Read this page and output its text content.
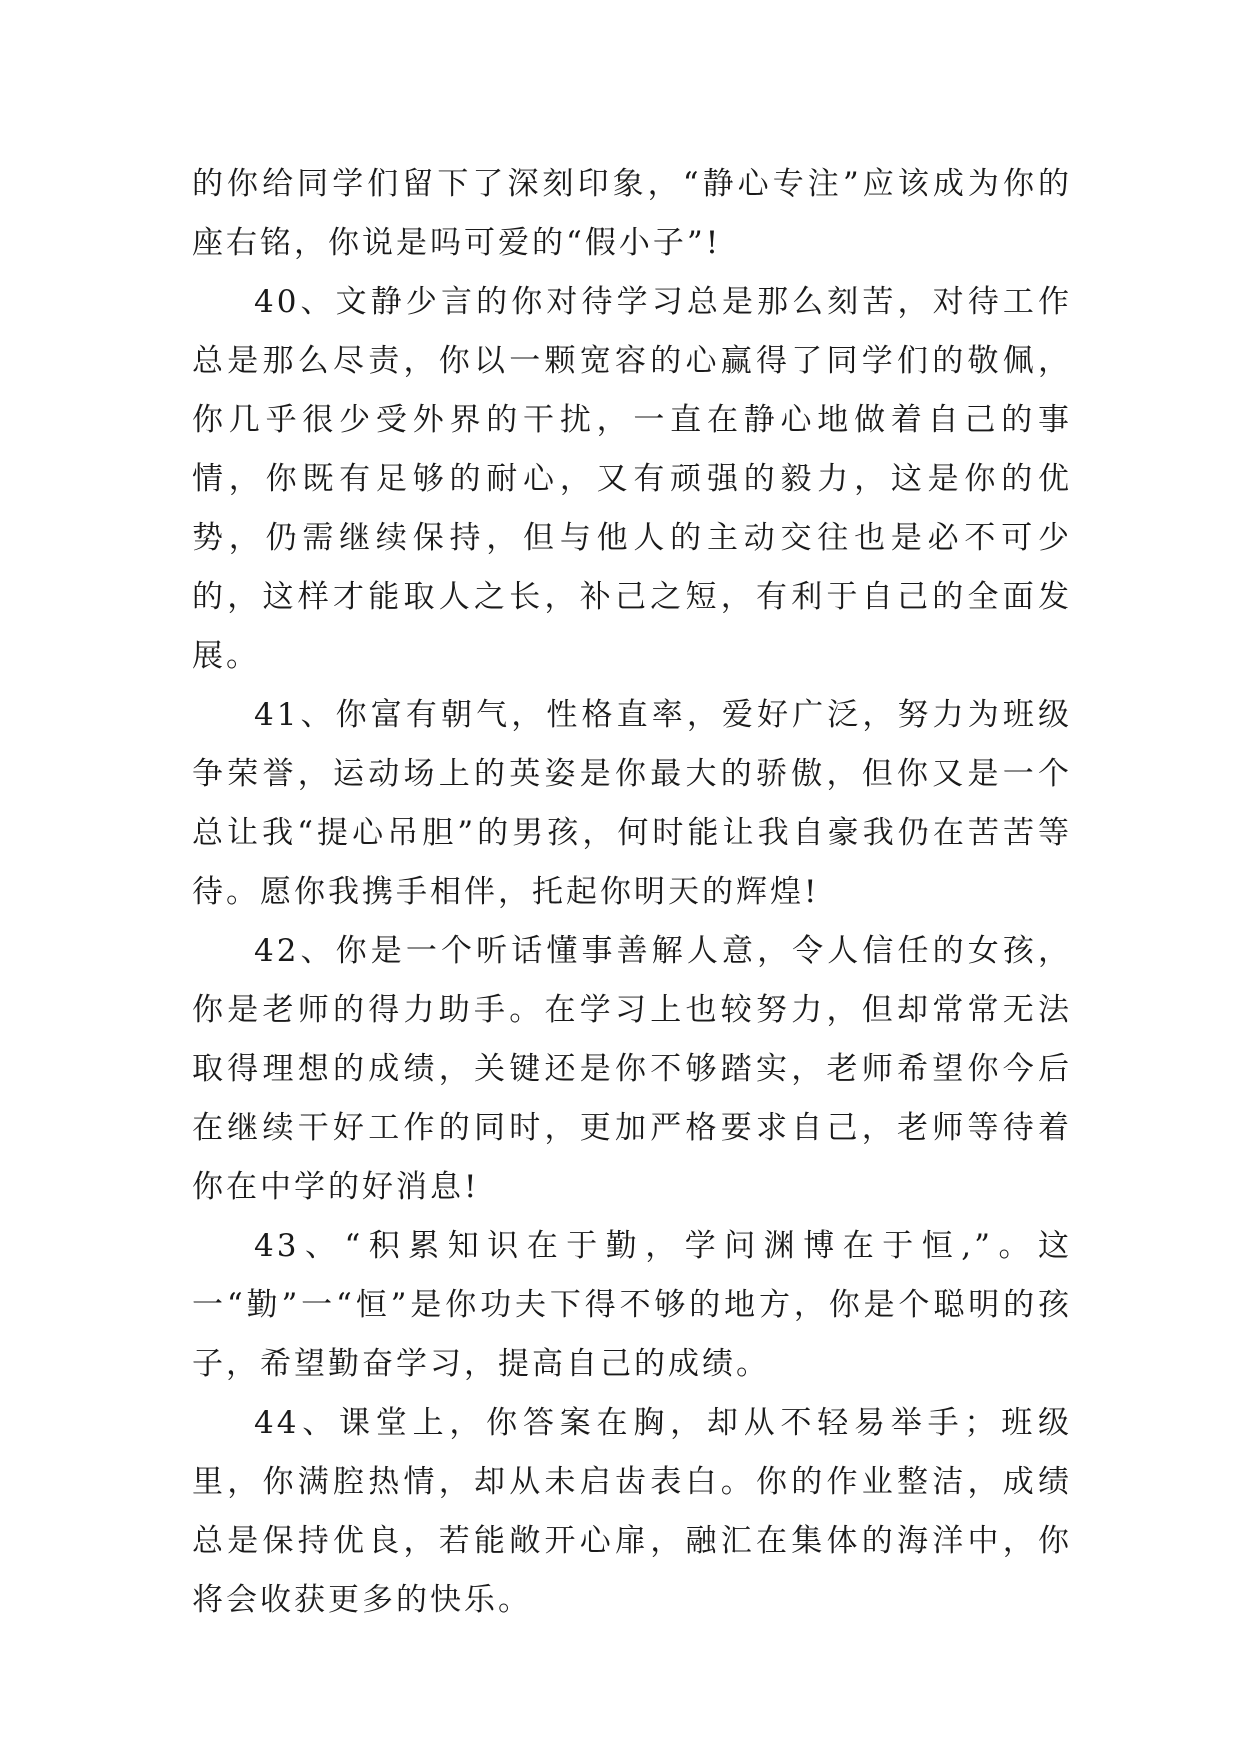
的你给同学们留下了深刻印象，“静心专注”应该成为你的座右铭，你说是吗可爱的“假小子”!

40、文静少言的你对待学习总是那么刻苦，对待工作总是那么尽责，你以一颗宽容的心赢得了同学们的敬佩，你几乎很少受外界的干扰，一直在静心地做着自己的事情，你既有足够的耐心，又有顽强的毅力，这是你的优势，仍需继续保持，但与他人的主动交往也是必不可少的，这样才能取人之长，补己之短，有利于自己的全面发展。

41、你富有朝气，性格直率，爱好广泛，努力为班级争荣誉，运动场上的英姿是你最大的骄傲，但你又是一个总让我“提心吊胆”的男孩，何时能让我自豪我仍在苦苦等待。愿你我携手相伴，托起你明天的辉煌!

42、你是一个听话懂事善解人意，令人信任的女孩，你是老师的得力助手。在学习上也较努力，但却常常无法取得理想的成绩，关键还是你不够踏实，老师希望你今后在继续干好工作的同时，更加严格要求自己，老师等待着你在中学的好消息!

43、“积累知识在于勤，学问渊博在于恒,”。这一“勤”一“恒”是你功夫下得不够的地方，你是个聪明的孩子，希望勤奋学习，提高自己的成绩。

44、课堂上，你答案在胸，却从不轻易举手；班级里，你满腔热情，却从未启齿表白。你的作业整洁，成绩总是保持优良，若能敞开心扉，融汇在集体的海洋中，你将会收获更多的快乐。
